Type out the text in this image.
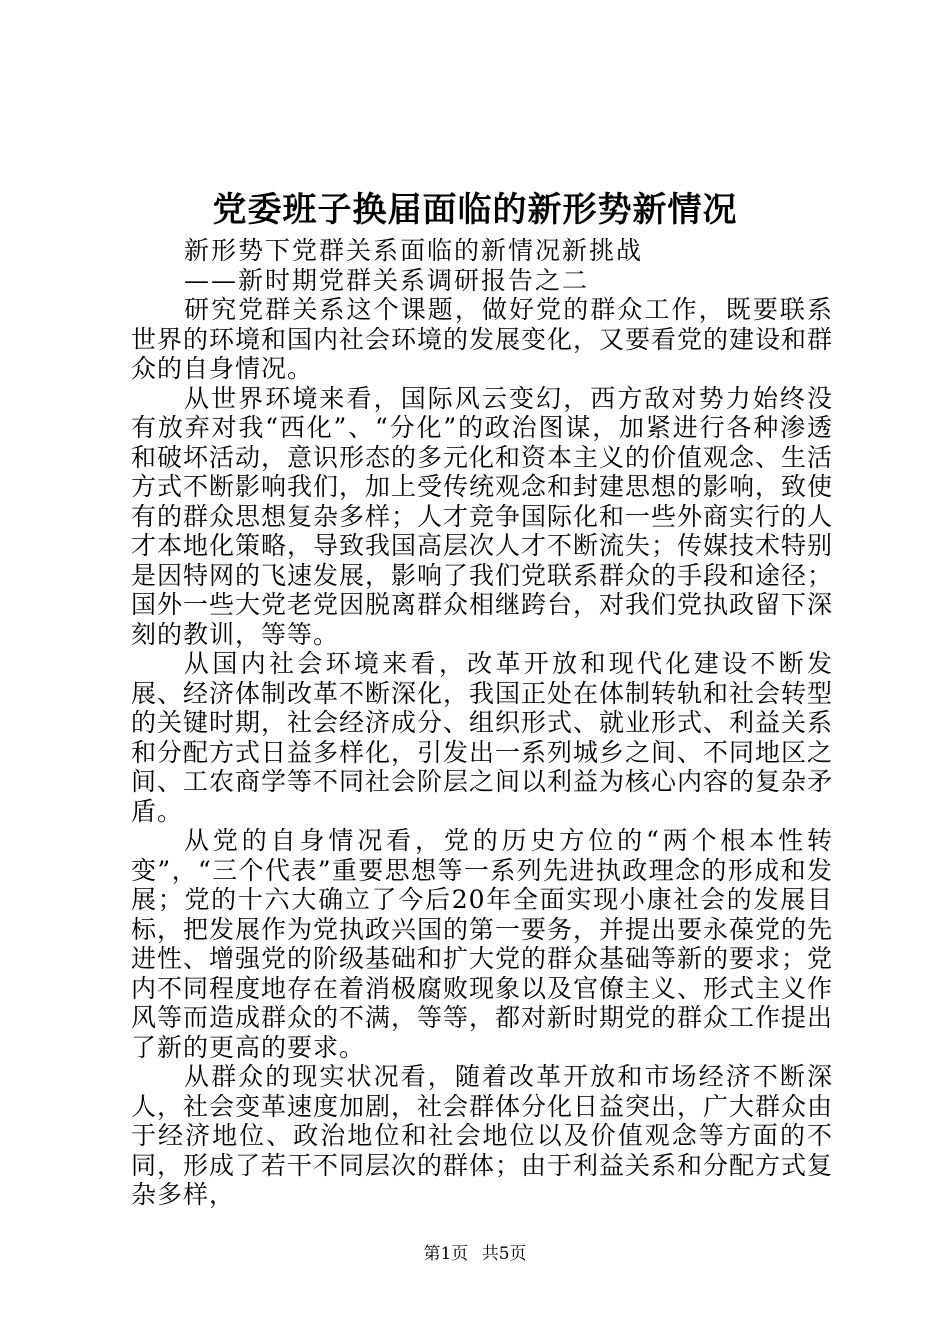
党委班子换届面临的新形势新情况

新形势下党群关系面临的新情况新挑战

——新时期党群关系调研报告之二

研究党群关系这个课题，做好党的群众工作，既要联系世界的环境和国内社会环境的发展变化，又要看党的建设和群众的自身情况。

从世界环境来看，国际风云变幻，西方敌对势力始终没有放弃对我“西化”、“分化”的政治图谋，加紧进行各种渗透和破坏活动，意识形态的多元化和资本主义的价值观念、生活方式不断影响我们，加上受传统观念和封建思想的影响，致使有的群众思想复杂多样；人才竞争国际化和一些外商实行的人才本地化策略，导致我国高层次人才不断流失；传媒技术特别是因特网的飞速发展，影响了我们党联系群众的手段和途径；国外一些大党老党因脱离群众相继跨台，对我们党执政留下深刻的教训，等等。

从国内社会环境来看，改革开放和现代化建设不断发展、经济体制改革不断深化，我国正处在体制转轨和社会转型的关键时期，社会经济成分、组织形式、就业形式、利益关系和分配方式日益多样化，引发出一系列城乡之间、不同地区之间、工农商学等不同社会阶层之间以利益为核心内容的复杂矛盾。

从党的自身情况看，党的历史方位的“两个根本性转变”，“三个代表”重要思想等一系列先进执政理念的形成和发展；党的十六大确立了今后20年全面实现小康社会的发展目标，把发展作为党执政兴国的第一要务，并提出要永葆党的先进性、增强党的阶级基础和扩大党的群众基础等新的要求；党内不同程度地存在着消极腐败现象以及官僚主义、形式主义作风等而造成群众的不满，等等，都对新时期党的群众工作提出了新的更高的要求。

从群众的现实状况看，随着改革开放和市场经济不断深人，社会变革速度加剧，社会群体分化日益突出，广大群众由于经济地位、政治地位和社会地位以及价值观念等方面的不同，形成了若干不同层次的群体；由于利益关系和分配方式复杂多样，

第1页 共5页
